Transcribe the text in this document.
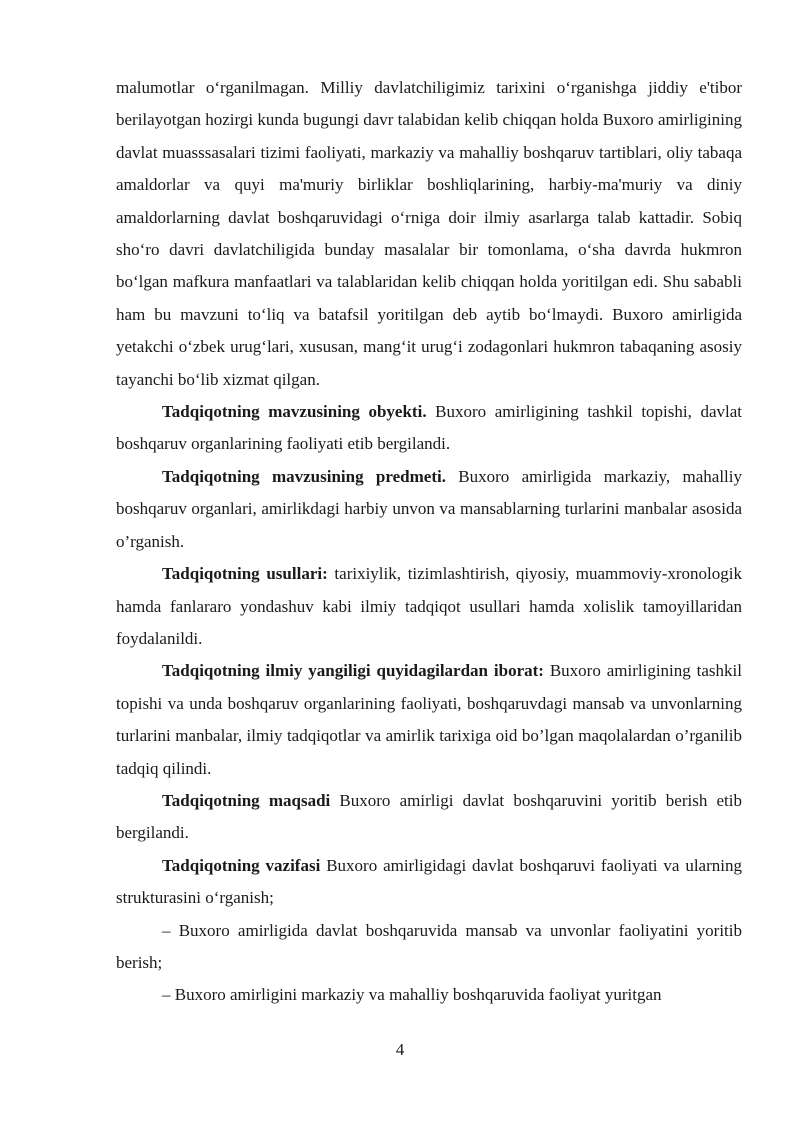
malumotlar o‘rganilmagan. Milliy davlatchiligimiz tarixini o‘rganishga jiddiy e'tibor berilayotgan hozirgi kunda bugungi davr talabidan kelib chiqqan holda Buxoro amirligining davlat muasssasalari tizimi faoliyati, markaziy va mahalliy boshqaruv tartiblari, oliy tabaqa amaldorlar va quyi ma'muriy birliklar boshliqlarining, harbiy-ma'muriy va diniy amaldorlarning davlat boshqaruvidagi o‘rniga doir ilmiy asarlarga talab kattadir. Sobiq sho‘ro davri davlatchiligida bunday masalalar bir tomonlama, o‘sha davrda hukmron bo‘lgan mafkura manfaatlari va talablaridan kelib chiqqan holda yoritilgan edi. Shu sababli ham bu mavzuni to‘liq va batafsil yoritilgan deb aytib bo‘lmaydi. Buxoro amirligida yetakchi o‘zbek urug‘lari, xususan, mang‘it urug‘i zodagonlari hukmron tabaqaning asosiy tayanchi bo‘lib xizmat qilgan.

Tadqiqotning mavzusining obyekti. Buxoro amirligining tashkil topishi, davlat boshqaruv organlarining faoliyati etib bergilandi.

Tadqiqotning mavzusining predmeti. Buxoro amirligida markaziy, mahalliy boshqaruv organlari, amirlikdagi harbiy unvon va mansablarning turlarini manbalar asosida o’rganish.

Tadqiqotning usullari: tarixiylik, tizimlashtirish, qiyosiy, muammoviy-xronologik hamda fanlararo yondashuv kabi ilmiy tadqiqot usullari hamda xolislik tamoyillaridan foydalanildi.

Tadqiqotning ilmiy yangiligi quyidagilardan iborat: Buxoro amirligining tashkil topishi va unda boshqaruv organlarining faoliyati, boshqaruvdagi mansab va unvonlarning turlarini manbalar, ilmiy tadqiqotlar va amirlik tarixiga oid bo’lgan maqolalardan o’rganilib tadqiq qilindi.

Tadqiqotning maqsadi Buxoro amirligi davlat boshqaruvini yoritib berish etib bergilandi.

Tadqiqotning vazifasi Buxoro amirligidagi davlat boshqaruvi faoliyati va ularning strukturasini o‘rganish;

– Buxoro amirligida davlat boshqaruvida mansab va unvonlar faoliyatini yoritib berish;

– Buxoro amirligini markaziy va mahalliy boshqaruvida faoliyat yuritgan

4
